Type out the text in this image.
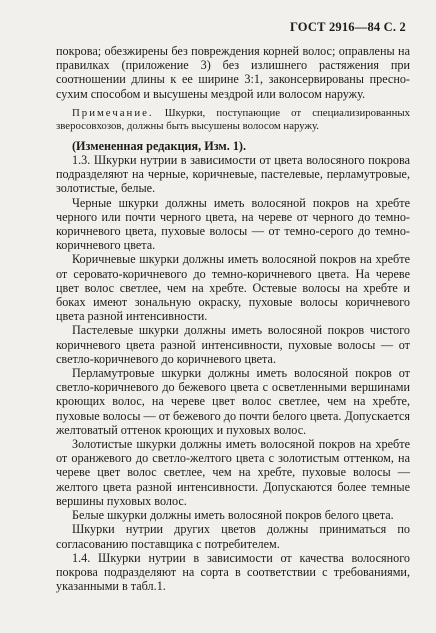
ГОСТ 2916—84 С. 2

покрова; обезжирены без повреждения корней волос; оправлены на правилках (приложение 3) без излишнего растяжения при соотношении длины к ее ширине 3:1, законсервированы пресно-сухим способом и высушены мездрой или волосом наружу.

Примечание. Шкурки, поступающие от специализированных зверосовхозов, должны быть высушены волосом наружу.

(Измененная редакция, Изм. 1).

1.3. Шкурки нутрии в зависимости от цвета волосяного покрова подразделяют на черные, коричневые, пастелевые, перламутровые, золотистые, белые.

Черные шкурки должны иметь волосяной покров на хребте черного или почти черного цвета, на череве от черного до темно-коричневого цвета, пуховые волосы — от темно-серого до темно-коричневого цвета.

Коричневые шкурки должны иметь волосяной покров на хребте от серовато-коричневого до темно-коричневого цвета. На череве цвет волос светлее, чем на хребте. Остевые волосы на хребте и боках имеют зональную окраску, пуховые волосы коричневого цвета разной интенсивности.

Пастелевые шкурки должны иметь волосяной покров чистого коричневого цвета разной интенсивности, пуховые волосы — от светло-коричневого до коричневого цвета.

Перламутровые шкурки должны иметь волосяной покров от светло-коричневого до бежевого цвета с осветленными вершинами кроющих волос, на череве цвет волос светлее, чем на хребте, пуховые волосы — от бежевого до почти белого цвета. Допускается желтоватый оттенок кроющих и пуховых волос.

Золотистые шкурки должны иметь волосяной покров на хребте от оранжевого до светло-желтого цвета с золотистым оттенком, на череве цвет волос светлее, чем на хребте, пуховые волосы — желтого цвета разной интенсивности. Допускаются более темные вершины пуховых волос.

Белые шкурки должны иметь волосяной покров белого цвета.

Шкурки нутрии других цветов должны приниматься по согласованию поставщика с потребителем.

1.4. Шкурки нутрии в зависимости от качества волосяного покрова подразделяют на сорта в соответствии с требованиями, указанными в табл.1.
